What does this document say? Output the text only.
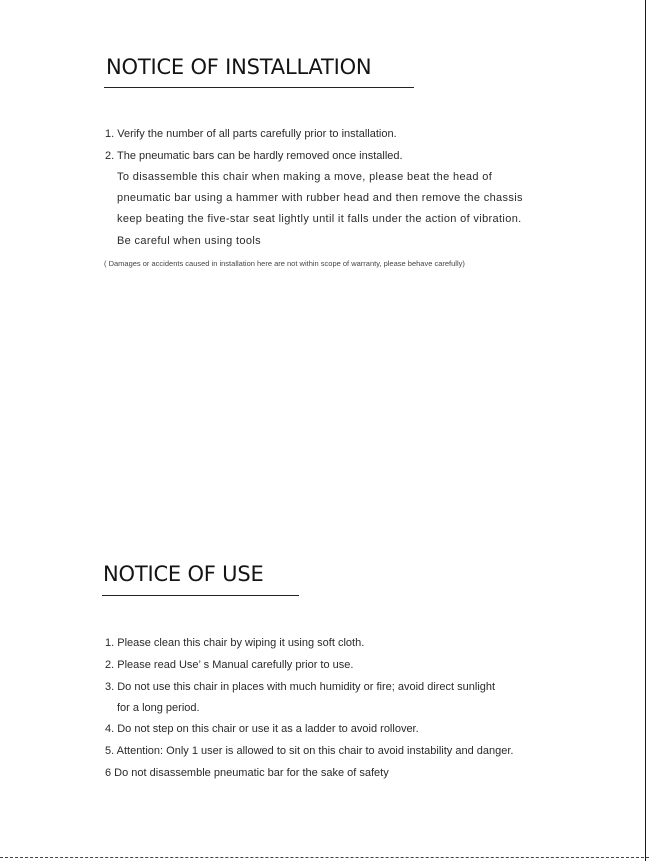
NOTICE OF INSTALLATION

1. Verify the number of all parts carefully prior to installation.

2. The pneumatic bars can be hardly removed once installed.

To disassemble this chair when making a move, please beat the head of

pneumatic bar using a hammer with rubber head and then remove the chassis

keep beating the five-star seat lightly until it falls under the action of vibration.

Be careful when using tools

( Damages or accidents caused in installation here are not within scope of warranty, please behave carefully)

NOTICE OF USE

1. Please clean this chair by wiping it using soft cloth.

2. Please read Use’ s Manual carefully prior to use.

3. Do not use this chair in places with much humidity or fire; avoid direct sunlight

for a long period.

4. Do not step on this chair or use it as a ladder to avoid rollover.

5. Attention: Only 1 user is allowed to sit on this chair to avoid instability and danger.

6 Do not disassemble pneumatic bar for the sake of safety
